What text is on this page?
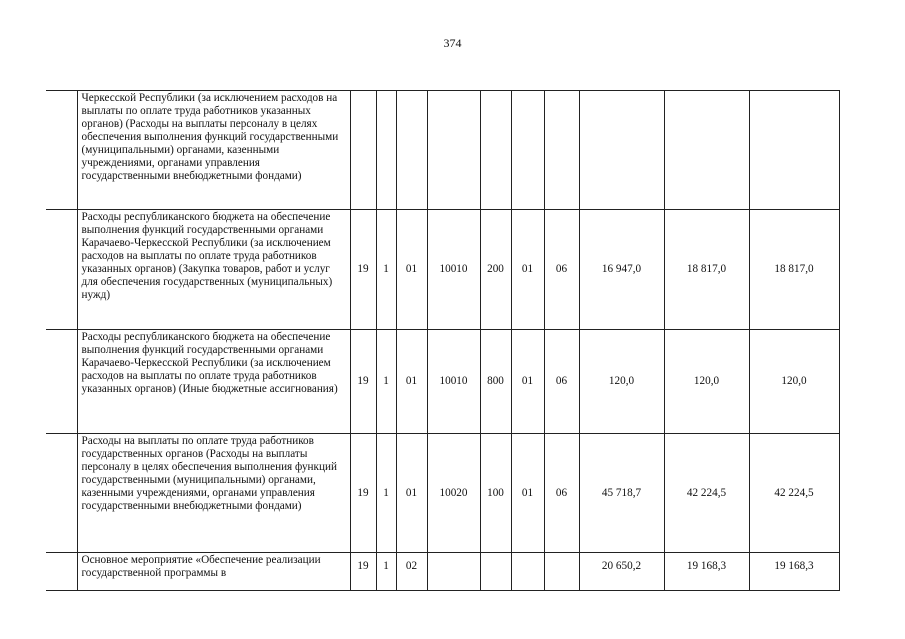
374
	Черкесской Республики (за исключением расходов на выплаты по оплате труда работников указанных органов) (Расходы на выплаты персоналу в целях обеспечения выполнения функций государственными (муниципальными) органами, казенными учреждениями, органами управления государственными внебюджетными фондами)										
	Расходы республиканского бюджета на обеспечение выполнения функций государственными органами Карачаево-Черкесской Республики (за исключением расходов на выплаты по оплате труда работников указанных органов) (Закупка товаров, работ и услуг для обеспечения государственных (муниципальных) нужд)	19	1	01	10010	200	01	06	16 947,0	18 817,0	18 817,0
	Расходы республиканского бюджета на обеспечение выполнения функций государственными органами Карачаево-Черкесской Республики (за исключением расходов на выплаты по оплате труда работников указанных органов) (Иные бюджетные ассигнования)	19	1	01	10010	800	01	06	120,0	120,0	120,0
	Расходы на выплаты по оплате труда работников государственных органов (Расходы на выплаты персоналу в целях обеспечения выполнения функций государственными (муниципальными) органами, казенными учреждениями, органами управления государственными внебюджетными фондами)	19	1	01	10020	100	01	06	45 718,7	42 224,5	42 224,5
	Основное мероприятие «Обеспечение реализации государственной программы в	19	1	02					20 650,2	19 168,3	19 168,3
